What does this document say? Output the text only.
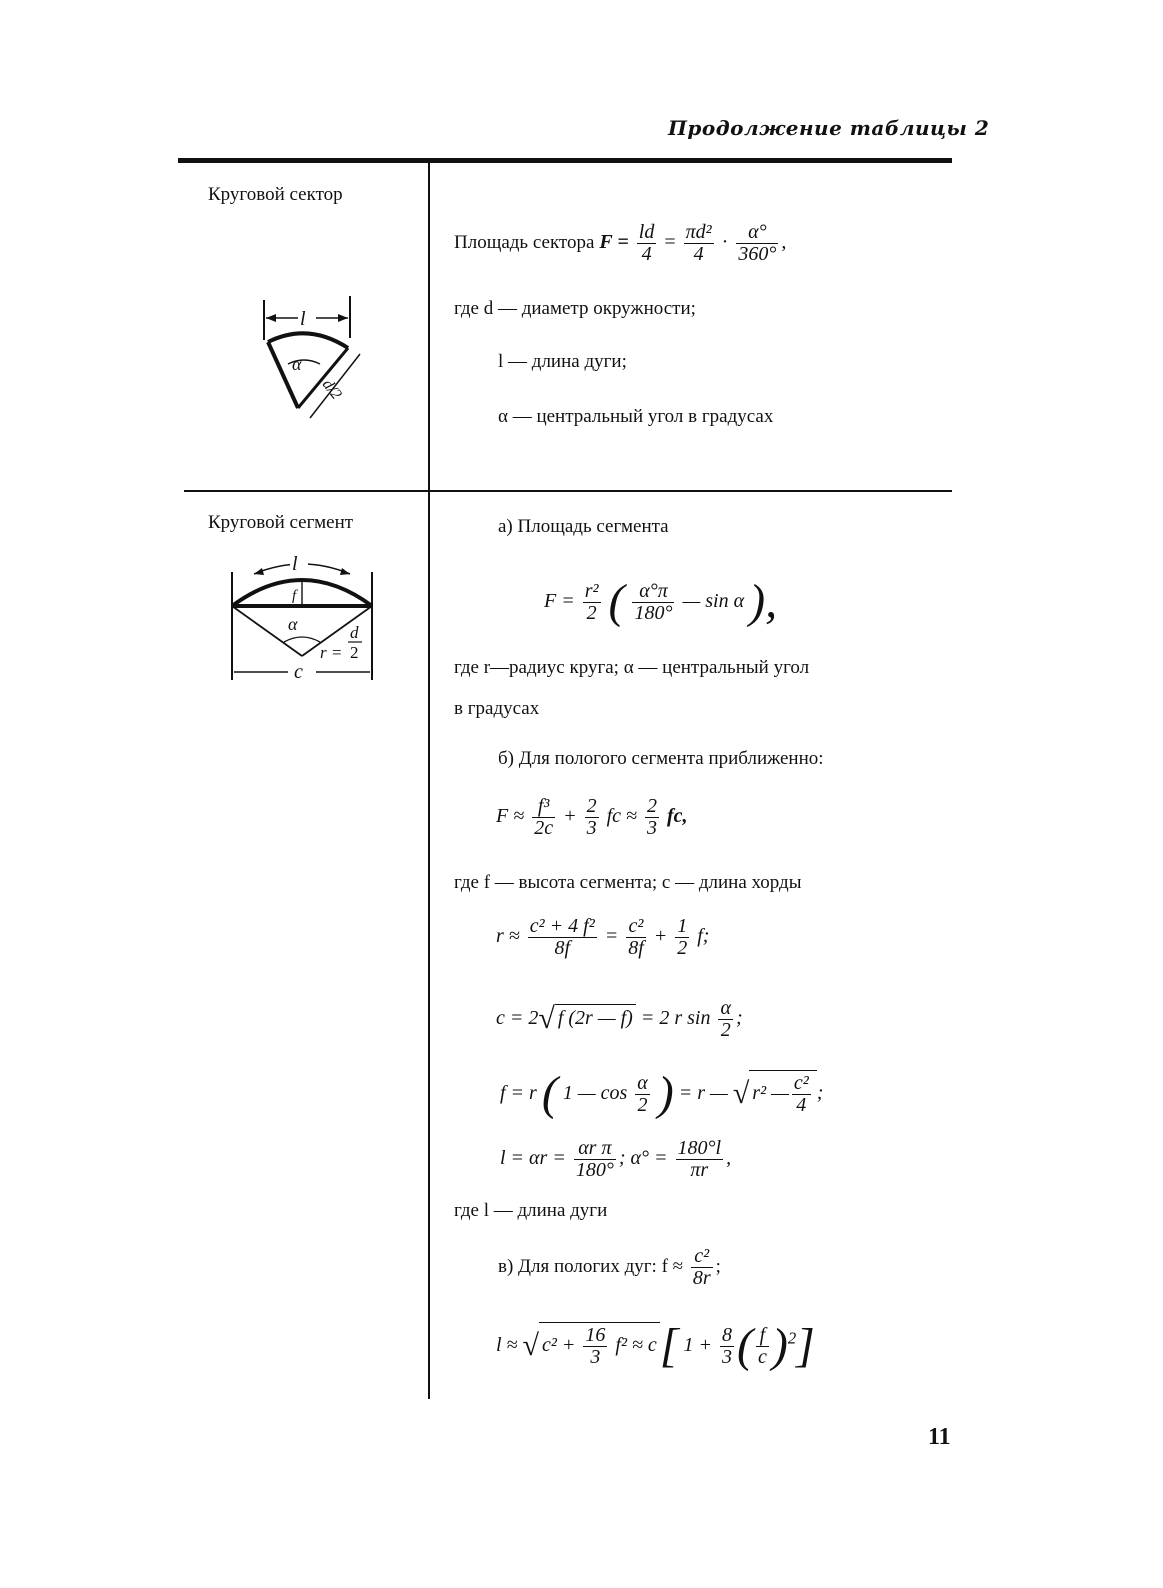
Продолжение таблицы 2
Круговой сектор
l
α
d/2
Площадь сектора $F = \frac{ld}{4} = \frac{\text{πd²}}{4} \cdot \frac{\alpha^\circ}{360^\circ}$ ,
где d — диаметр окружности;
l — длина дуги;
α — центральный угол в градусах
Круговой сегмент
l
f
α
r =
d
2
c
а) Площадь сегмента
$F = \frac{\text{r²}}{2}$ ( $\frac{\alpha^\circ\pi}{180^\circ}$ — sin α ),
где r—радиус круга; α — центральный угол
в градусах
б) Для пологого сегмента приближенно:
$F \approx \frac{\text{f³}}{2c} + \frac{2}{3}$ fc ≈ $\frac{2}{3}$ fc,
где f — высота сегмента; c — длина хорды
$r \approx \frac{\text{c² + 4 f²}}{8f} = \frac{\text{c²}}{8f} + \frac{1}{2} f$;
c = 2√ f (2r — f) = 2 r $\sin \frac{\alpha}{2}$ ;
f = r ( 1 — $\cos \frac{\alpha}{2}$ ) = r — √ r² — $\frac{\text{c²}}{4}$ ;
$l = \alpha r = \frac{\text{αr π}}{180^\circ}$ ; $\alpha^\circ = \frac{180^\circ l}{\pi r}$ ,
где l — длина дуги
в) Для пологих дуг: $f \approx \frac{\text{c²}}{8r}$ ;
l ≈ √ $c^2 + \frac{16}{3} f^2 \approx c$[ $1 + \frac{8}{3}$ ( $\frac{f}{c} )^2$]
11
